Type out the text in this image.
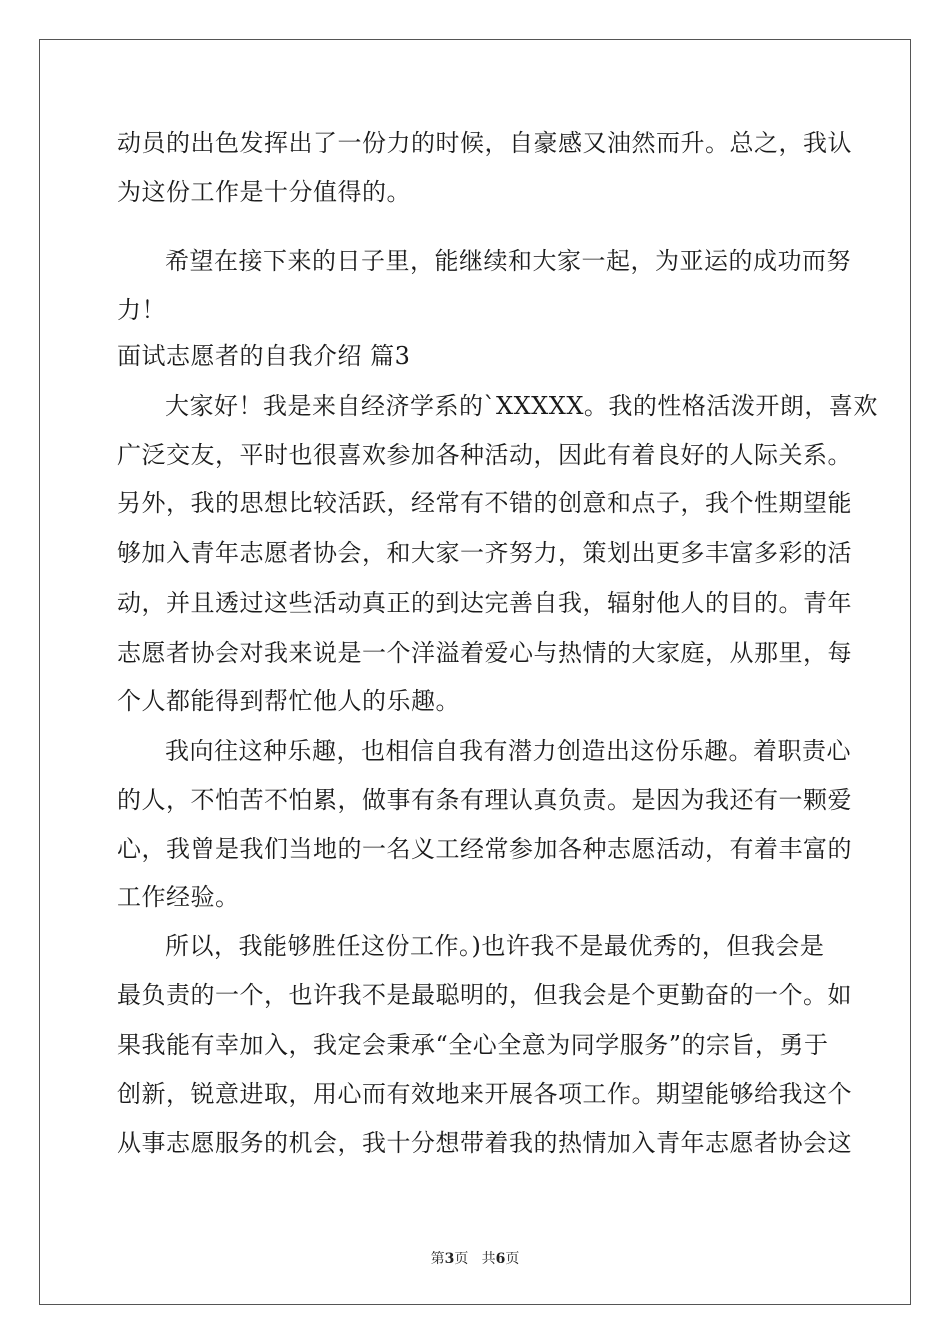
动员的出色发挥出了一份力的时候，自豪感又油然而升。总之，我认
为这份工作是十分值得的。
希望在接下来的日子里，能继续和大家一起，为亚运的成功而努
力！
面试志愿者的自我介绍 篇3
大家好！我是来自经济学系的`XXXXX。我的性格活泼开朗，喜欢
广泛交友，平时也很喜欢参加各种活动，因此有着良好的人际关系。
另外，我的思想比较活跃，经常有不错的创意和点子，我个性期望能
够加入青年志愿者协会，和大家一齐努力，策划出更多丰富多彩的活
动，并且透过这些活动真正的到达完善自我，辐射他人的目的。青年
志愿者协会对我来说是一个洋溢着爱心与热情的大家庭，从那里，每
个人都能得到帮忙他人的乐趣。
我向往这种乐趣，也相信自我有潜力创造出这份乐趣。着职责心
的人，不怕苦不怕累，做事有条有理认真负责。是因为我还有一颗爱
心，我曾是我们当地的一名义工经常参加各种志愿活动，有着丰富的
工作经验。
所以，我能够胜任这份工作。)也许我不是最优秀的，但我会是
最负责的一个，也许我不是最聪明的，但我会是个更勤奋的一个。如
果我能有幸加入，我定会秉承“全心全意为同学服务”的宗旨，勇于
创新，锐意进取，用心而有效地来开展各项工作。期望能够给我这个
从事志愿服务的机会，我十分想带着我的热情加入青年志愿者协会这
第3页 共6页
